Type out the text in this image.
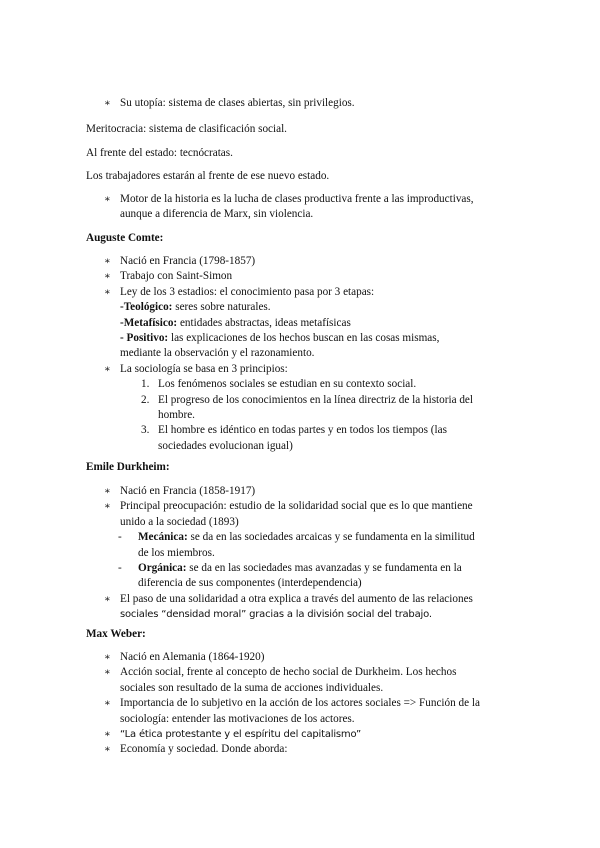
∗ Su utopía: sistema de clases abiertas, sin privilegios.
Meritocracia: sistema de clasificación social.
Al frente del estado: tecnócratas.
Los trabajadores estarán al frente de ese nuevo estado.
∗ Motor de la historia es la lucha de clases productiva frente a las improductivas,
aunque a diferencia de Marx, sin violencia.
Auguste Comte:
∗ Nació en Francia (1798-1857)
∗ Trabajo con Saint-Simon
∗ Ley de los 3 estadios: el conocimiento pasa por 3 etapas:
-Teológico: seres sobre naturales.
-Metafísico: entidades abstractas, ideas metafísicas
- Positivo: las explicaciones de los hechos buscan en las cosas mismas,
mediante la observación y el razonamiento.
∗ La sociología se basa en 3 principios:
1. Los fenómenos sociales se estudian en su contexto social.
2. El progreso de los conocimientos en la línea directriz de la historia del
hombre.
3. El hombre es idéntico en todas partes y en todos los tiempos (las
sociedades evolucionan igual)
Emile Durkheim:
∗ Nació en Francia (1858-1917)
∗ Principal preocupación: estudio de la solidaridad social que es lo que mantiene
unido a la sociedad (1893)
- Mecánica: se da en las sociedades arcaicas y se fundamenta en la similitud
de los miembros.
- Orgánica: se da en las sociedades mas avanzadas y se fundamenta en la
diferencia de sus componentes (interdependencia)
∗ El paso de una solidaridad a otra explica a través del aumento de las relaciones
sociales “densidad moral” gracias a la división social del trabajo.
Max Weber:
∗ Nació en Alemania (1864-1920)
∗ Acción social, frente al concepto de hecho social de Durkheim. Los hechos
sociales son resultado de la suma de acciones individuales.
∗ Importancia de lo subjetivo en la acción de los actores sociales => Función de la
sociología: entender las motivaciones de los actores.
∗ “La ética protestante y el espíritu del capitalismo”
∗ Economía y sociedad. Donde aborda:
